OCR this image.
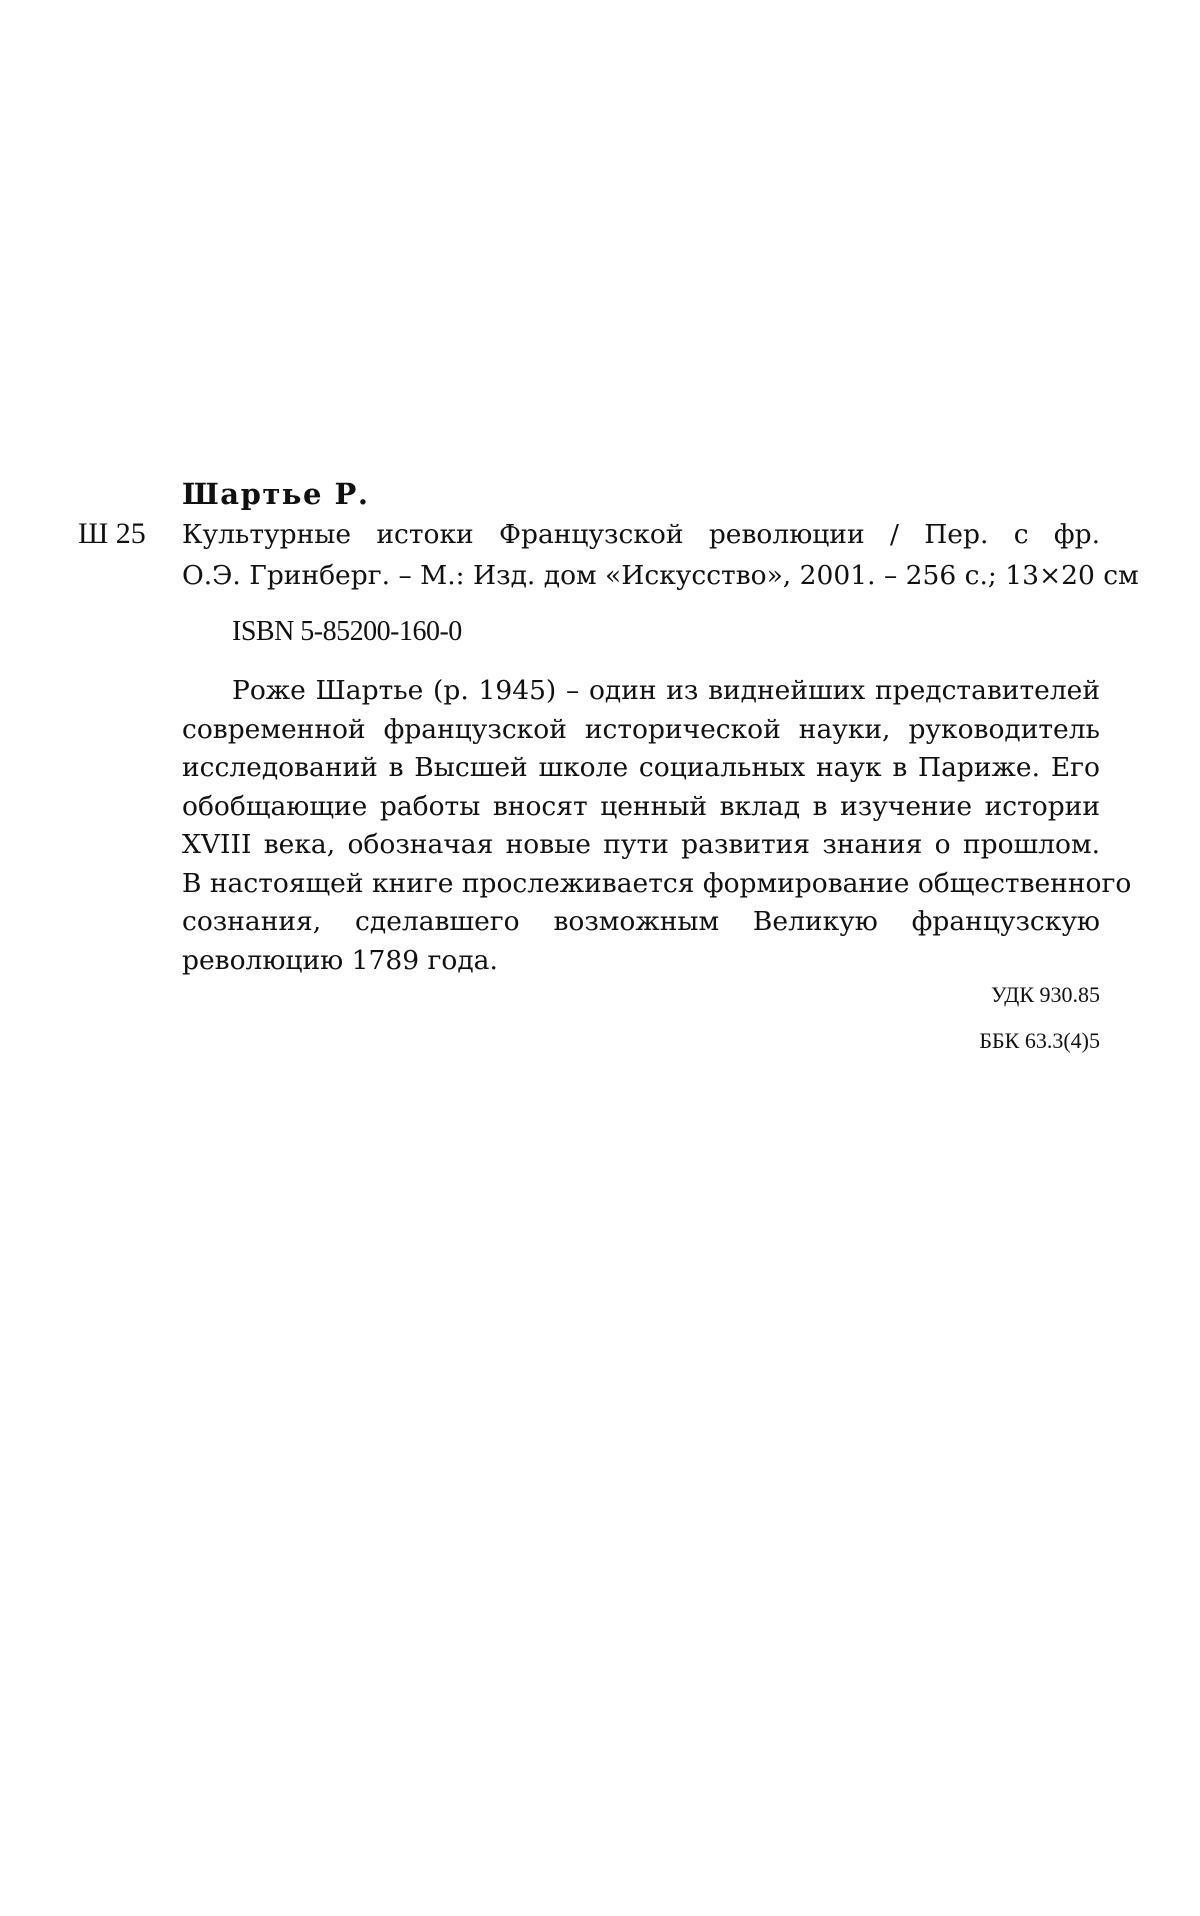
Шартье Р.
Ш 25 Культурные истоки Французской революции / Пер. с фр.
О.Э. Гринберг. – М.: Изд. дом «Искусство», 2001. – 256 с.; 13×20 см
ISBN 5-85200-160-0
Роже Шартье (р. 1945) – один из виднейших представителей
современной французской исторической науки, руководитель
исследований в Высшей школе социальных наук в Париже. Его
обобщающие работы вносят ценный вклад в изучение истории
XVIII века, обозначая новые пути развития знания о прошлом.
В настоящей книге прослеживается формирование общественного
сознания, сделавшего возможным Великую французскую
революцию 1789 года.
УДК 930.85
ББК 63.3(4)5
